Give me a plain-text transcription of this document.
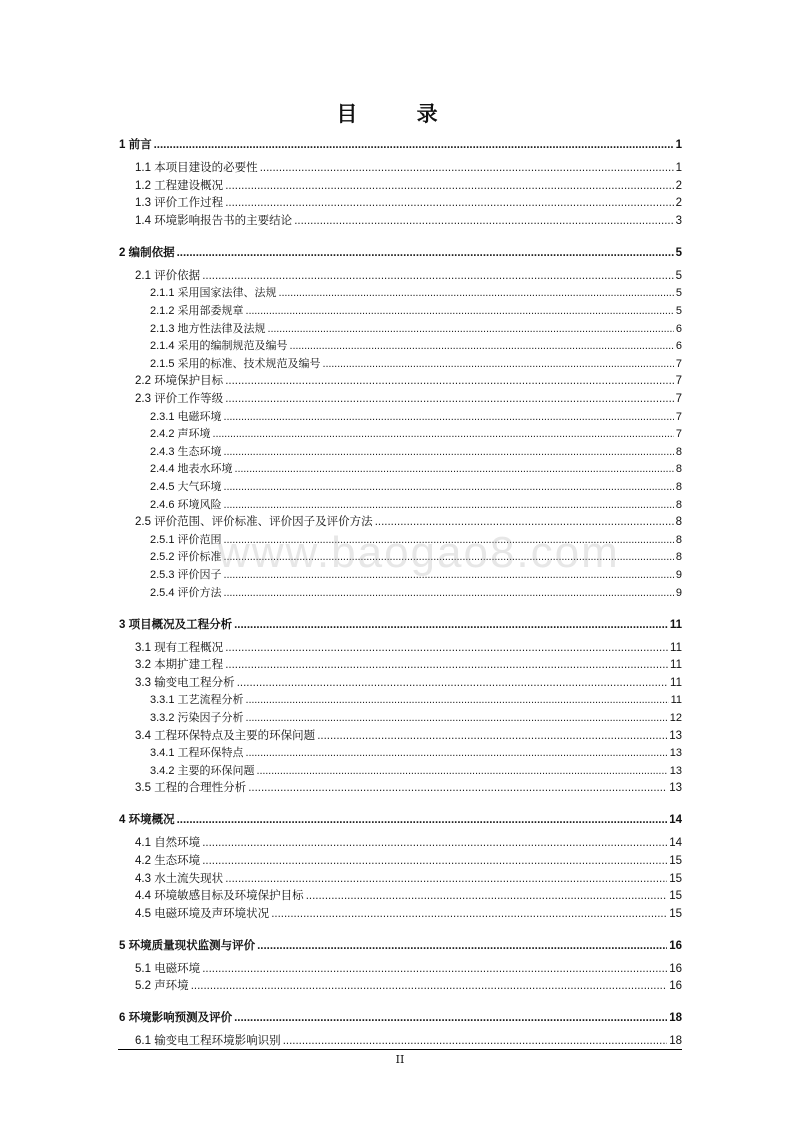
目 录
1 前言 . . .	1
1.1 本项目建设的必要性 . . .	1
1.2 工程建设概况 . . .	2
1.3 评价工作过程 . . .	2
1.4 环境影响报告书的主要结论 . . .	3
2 编制依据 . . .	5
2.1 评价依据 . . .	5
2.1.1 采用国家法律、法规 . . .	5
2.1.2 采用部委规章 . . .	5
2.1.3 地方性法律及法规 . . .	6
2.1.4 采用的编制规范及编号 . . .	6
2.1.5 采用的标准、技术规范及编号 . . .	7
2.2 环境保护目标 . . .	7
2.3 评价工作等级 . . .	7
2.3.1 电磁环境 . . .	7
2.4.2 声环境 . . .	7
2.4.3 生态环境 . . .	8
2.4.4 地表水环境 . . .	8
2.4.5 大气环境 . . .	8
2.4.6 环境风险 . . .	8
2.5 评价范围、评价标准、评价因子及评价方法 . . .	8
2.5.1 评价范围 . . .	8
2.5.2 评价标准 . . .	8
2.5.3 评价因子 . . .	9
2.5.4 评价方法 . . .	9
3 项目概况及工程分析 . . .	11
3.1 现有工程概况 . . .	11
3.2 本期扩建工程 . . .	11
3.3 输变电工程分析 . . .	11
3.3.1 工艺流程分析 . . .	11
3.3.2 污染因子分析 . . .	12
3.4 工程环保特点及主要的环保问题 . . .	13
3.4.1 工程环保特点 . . .	13
3.4.2 主要的环保问题 . . .	13
3.5 工程的合理性分析 . . .	13
4 环境概况 . . .	14
4.1 自然环境 . . .	14
4.2 生态环境 . . .	15
4.3 水土流失现状 . . .	15
4.4 环境敏感目标及环境保护目标 . . .	15
4.5 电磁环境及声环境状况 . . .	15
5 环境质量现状监测与评价 . . .	16
5.1 电磁环境 . . .	16
5.2 声环境 . . .	16
6 环境影响预测及评价 . . .	18
6.1 输变电工程环境影响识别 . . .	18
www.baogao8.com
II
